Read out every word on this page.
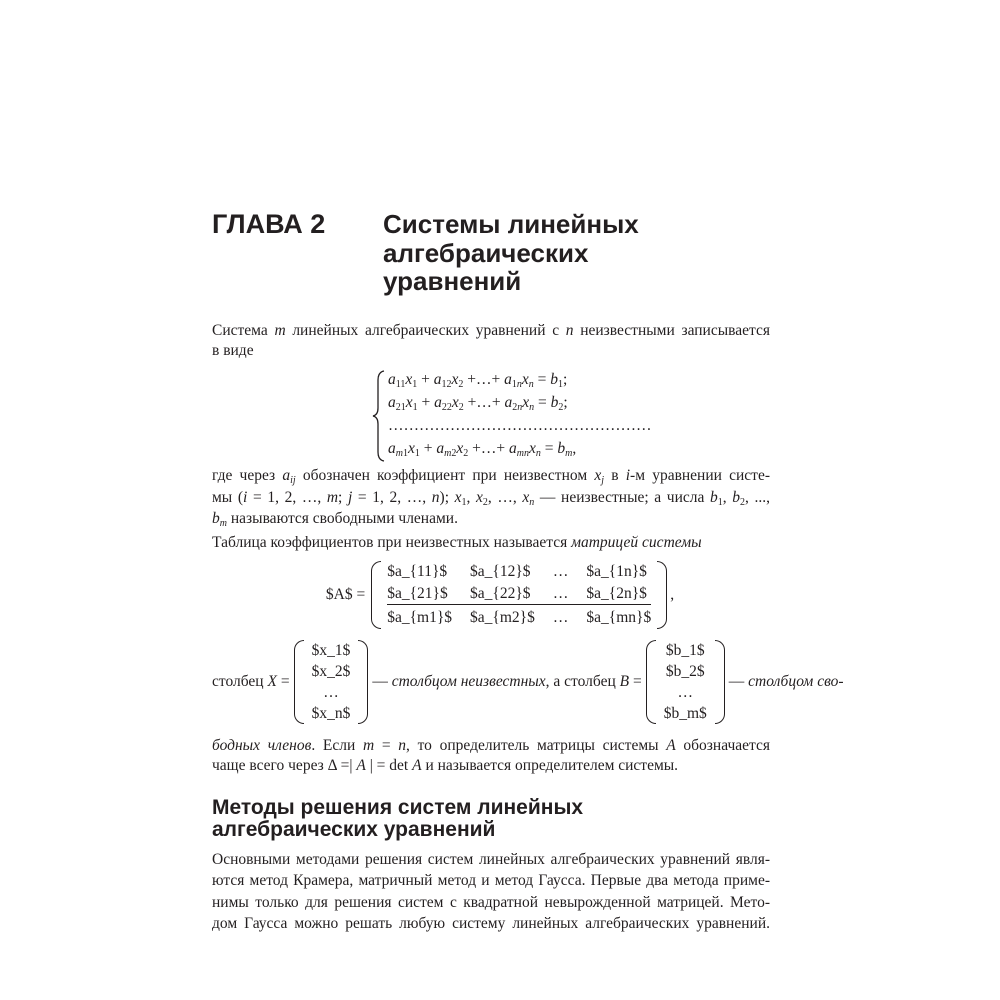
ГЛАВА 2 Системы линейных
алгебраических
уравнений
Система m линейных алгебраических уравнений с n неизвестными записывается
в виде
$a_{11}x_1 + a_{12}x_2$ +…+ $a_{1n}x_n = b_1$;
$a_{21}x_1 + a_{22}x_2$ +…+ $a_{2n}x_n = b_2$;
……………………………………………
$a_{m1}x_1 + a_{m2}x_2$ +…+ $a_{mn}x_n = b_m$,
где через $a_{ij}$ обозначен коэффициент при неизвестном $x_j$ в i-м уравнении систе-
мы (i = 1, 2, …, m; j = 1, 2, …, n); $x_1$, $x_2$, …, $x_n$ — неизвестные; а числа $b_1$, $b_2$, ...,
$b_m$ называются свободными членами.
Таблица коэффициентов при неизвестных называется матрицей системы
$A$ =
$a_{11}$	$a_{12}$ … $a_{1n}$
$a_{21}$ $a_{22}$ … $a_{2n}$
$a_{m1}$ $a_{m2}$ … $a_{mn}$
,
столбец X =
$x_1$
$x_2$
…
$x_n$
— столбцом неизвестных, а столбец B =
$b_1$
$b_2$
…
$b_m$
— столбцом сво-
бодных членов. Если m = n, то определитель матрицы системы A обозначается
чаще всего через Δ =| A | = det A и называется определителем системы.
Методы решения систем линейных
алгебраических уравнений
Основными методами решения систем линейных алгебраических уравнений явля-
ются метод Крамера, матричный метод и метод Гаусса. Первые два метода приме-
нимы только для решения систем с квадратной невырожденной матрицей. Мето-
дом Гаусса можно решать любую систему линейных алгебраических уравнений.
